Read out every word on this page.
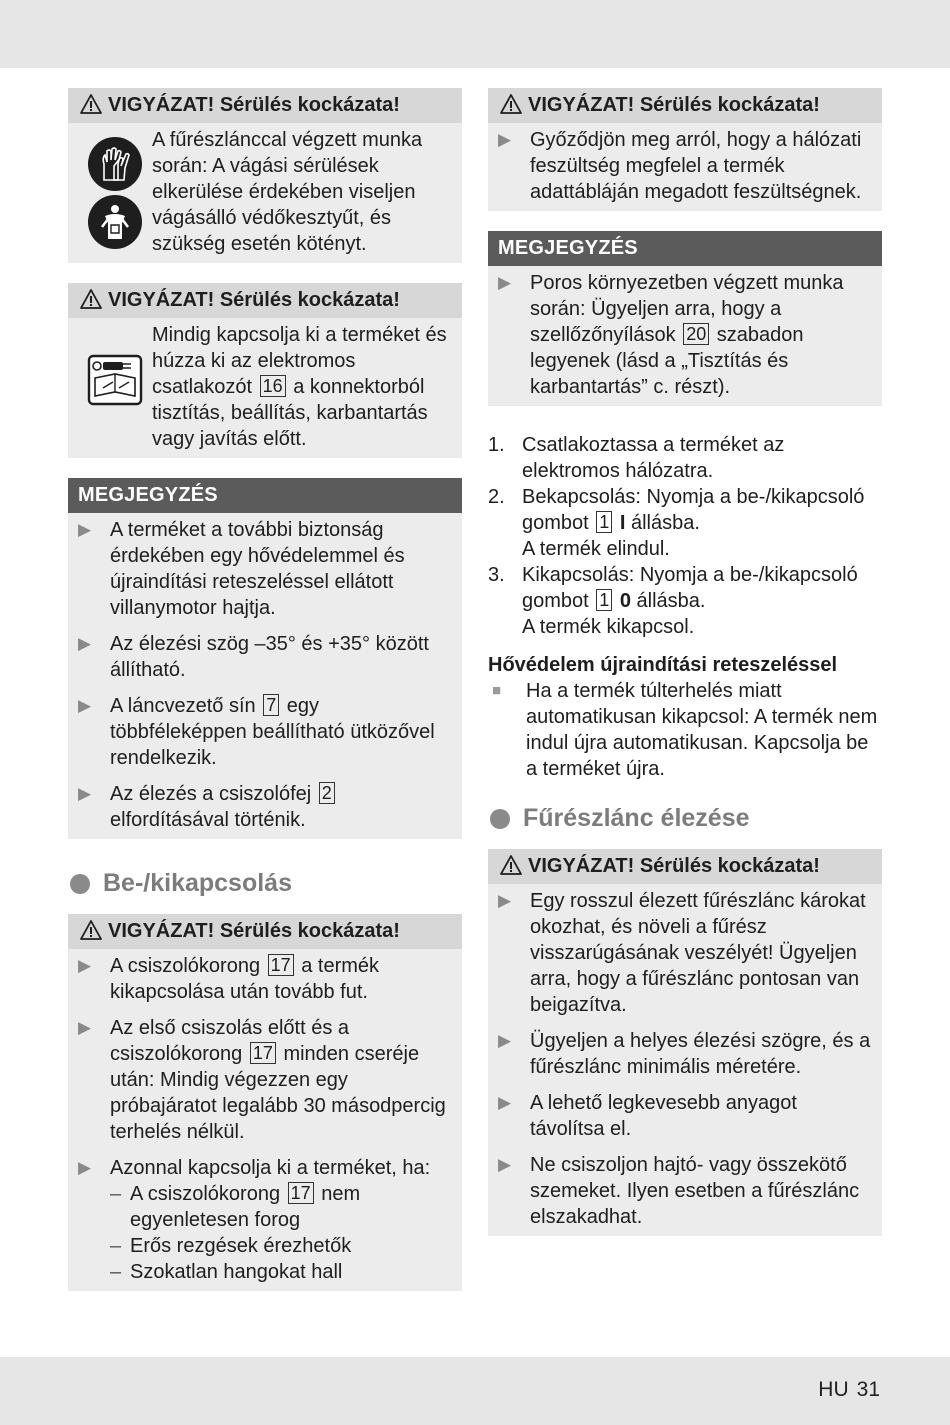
VIGYÁZAT! Sérülés kockázata!
A fűrészlánccal végzett munka során: A vágási sérülések elkerülése érdekében viseljen vágásálló védőkesztyűt, és szükség esetén kötényt.
VIGYÁZAT! Sérülés kockázata!
Mindig kapcsolja ki a terméket és húzza ki az elektromos csatlakozót 16 a konnektorból tisztítás, beállítás, karbantartás vagy javítás előtt.
MEGJEGYZÉS
▶ A terméket a további biztonság érdekében egy hővédelemmel és újraindítási reteszeléssel ellátott villanymotor hajtja.
▶ Az élezési szög –35° és +35° között állítható.
▶ A láncvezető sín 7 egy többféleképpen beállítható ütközővel rendelkezik.
▶ Az élezés a csiszolófej 2 elfordításával történik.
Be-/kikapcsolás
VIGYÁZAT! Sérülés kockázata!
▶ A csiszolókorong 17 a termék kikapcsolása után tovább fut.
▶ Az első csiszolás előtt és a csiszolókorong 17 minden cseréje után: Mindig végezzen egy próbajáratot legalább 30 másodpercig terhelés nélkül.
▶ Azonnal kapcsolja ki a terméket, ha:
– A csiszolókorong 17 nem egyenletesen forog
– Erős rezgések érezhetők
– Szokatlan hangokat hall
VIGYÁZAT! Sérülés kockázata!
▶ Győződjön meg arról, hogy a hálózati feszültség megfelel a termék adattábláján megadott feszültségnek.
MEGJEGYZÉS
▶ Poros környezetben végzett munka során: Ügyeljen arra, hogy a szellőzőnyílások 20 szabadon legyenek (lásd a „Tisztítás és karbantartás” c. részt).
1. Csatlakoztassa a terméket az elektromos hálózatra.
2. Bekapcsolás: Nyomja a be-/kikapcsoló gombot 1 I állásba.
A termék elindul.
3. Kikapcsolás: Nyomja a be-/kikapcsoló gombot 1 0 állásba.
A termék kikapcsol.
Hővédelem újraindítási reteszeléssel
■	Ha a termék túlterhelés miatt automatikusan kikapcsol: A termék nem indul újra automatikusan. Kapcsolja be a terméket újra.
Fűrészlánc élezése
VIGYÁZAT! Sérülés kockázata!
▶ Egy rosszul élezett fűrészlánc károkat okozhat, és növeli a fűrész visszarúgásának veszélyét! Ügyeljen arra, hogy a fűrészlánc pontosan van beigazítva.
▶ Ügyeljen a helyes élezési szögre, és a fűrészlánc minimális méretére.
▶ A lehető legkevesebb anyagot távolítsa el.
▶ Ne csiszoljon hajtó- vagy összekötő szemeket. Ilyen esetben a fűrészlánc elszakadhat.
HU 31
